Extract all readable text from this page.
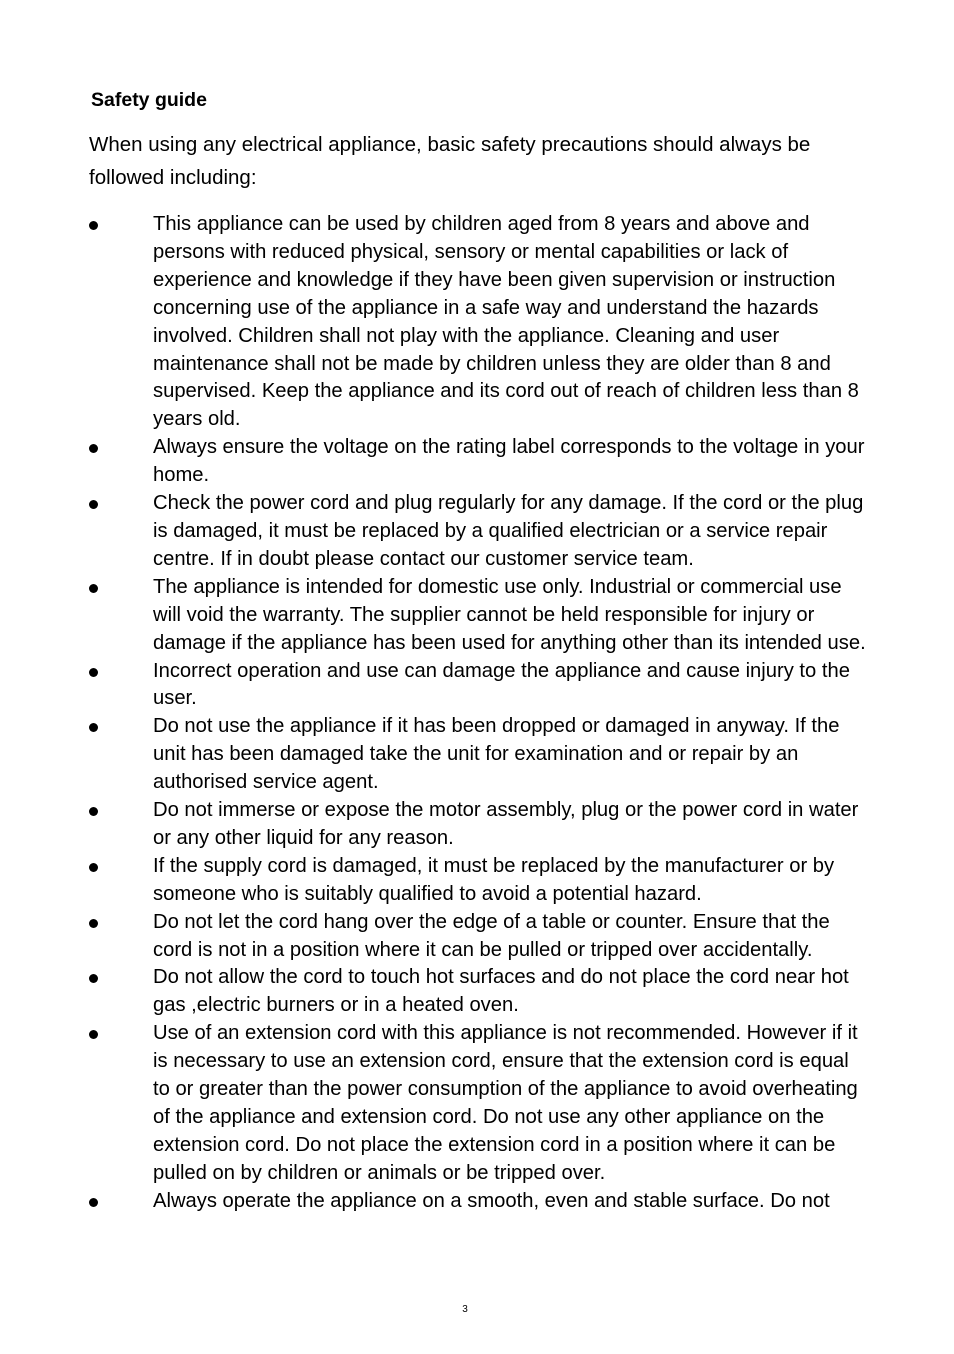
Safety guide
When using any electrical appliance, basic safety precautions should always be followed including:
This appliance can be used by children aged from 8 years and above and persons with reduced physical, sensory or mental capabilities or lack of experience and knowledge if they have been given supervision or instruction concerning use of the appliance in a safe way and understand the hazards involved. Children shall not play with the appliance. Cleaning and user maintenance shall not be made by children unless they are older than 8 and supervised. Keep the appliance and its cord out of reach of children less than 8 years old.
Always ensure the voltage on the rating label corresponds to the voltage in your home.
Check the power cord and plug regularly for any damage. If the cord or the plug is damaged, it must be replaced by a qualified electrician or a service repair centre. If in doubt please contact our customer service team.
The appliance is intended for domestic use only. Industrial or commercial use will void the warranty. The supplier cannot be held responsible for injury or damage if the appliance has been used for anything other than its intended use.
Incorrect operation and use can damage the appliance and cause injury to the user.
Do not use the appliance if it has been dropped or damaged in anyway. If the unit has been damaged take the unit for examination and or repair by an authorised service agent.
Do not immerse or expose the motor assembly, plug or the power cord in water or any other liquid for any reason.
If the supply cord is damaged, it must be replaced by the manufacturer or by someone who is suitably qualified to avoid a potential hazard.
Do not let the cord hang over the edge of a table or counter. Ensure that the cord is not in a position where it can be pulled or tripped over accidentally.
Do not allow the cord to touch hot surfaces and do not place the cord near hot gas ,electric burners or in a heated oven.
Use of an extension cord with this appliance is not recommended. However if it is necessary to use an extension cord, ensure that the extension cord is equal to or greater than the power consumption of the appliance to avoid overheating of the appliance and extension cord. Do not use any other appliance on the extension cord. Do not place the extension cord in a position where it can be pulled on by children or animals or be tripped over.
Always operate the appliance on a smooth, even and stable surface. Do not
3
